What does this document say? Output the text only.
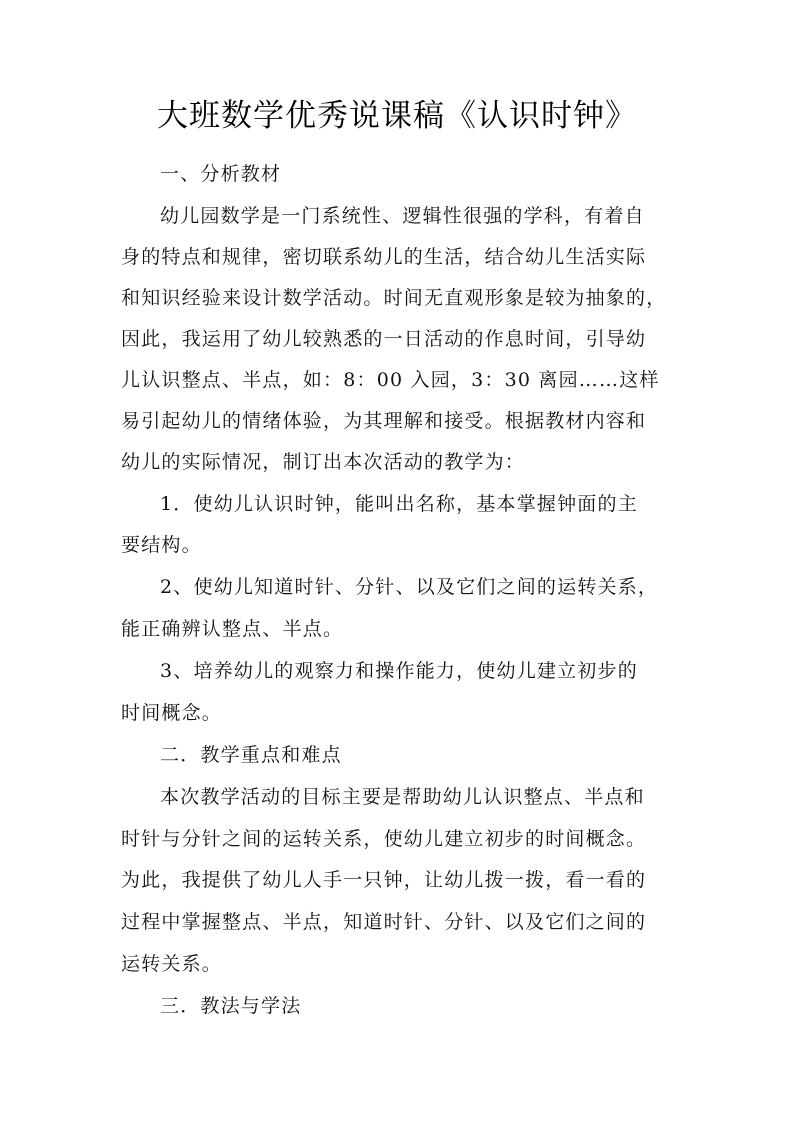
大班数学优秀说课稿《认识时钟》
一、分析教材
幼儿园数学是一门系统性、逻辑性很强的学科，有着自
身的特点和规律，密切联系幼儿的生活，结合幼儿生活实际
和知识经验来设计数学活动。时间无直观形象是较为抽象的，
因此，我运用了幼儿较熟悉的一日活动的作息时间，引导幼
儿认识整点、半点，如：8：00 入园，3：30 离园……这样
易引起幼儿的情绪体验，为其理解和接受。根据教材内容和
幼儿的实际情况，制订出本次活动的教学为：
1．使幼儿认识时钟，能叫出名称，基本掌握钟面的主
要结构。
2、使幼儿知道时针、分针、以及它们之间的运转关系，
能正确辨认整点、半点。
3、培养幼儿的观察力和操作能力，使幼儿建立初步的
时间概念。
二．教学重点和难点
本次教学活动的目标主要是帮助幼儿认识整点、半点和
时针与分针之间的运转关系，使幼儿建立初步的时间概念。
为此，我提供了幼儿人手一只钟，让幼儿拨一拨，看一看的
过程中掌握整点、半点，知道时针、分针、以及它们之间的
运转关系。
三．教法与学法
